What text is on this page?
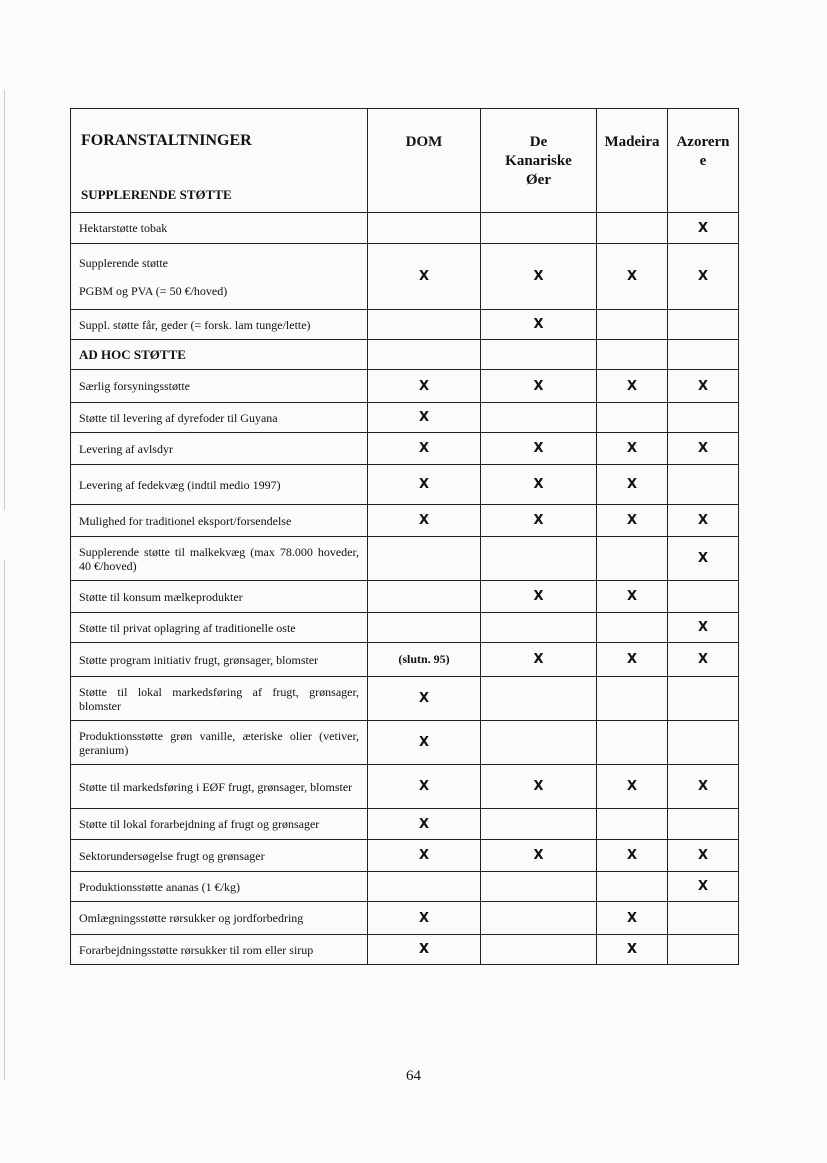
FORANSTALTNINGER
SUPPLERENDE STØTTE	DOM	De Kanariske Øer	Madeira	Azorern e
Hektarstøtte tobak				X
Supplerende støtte

PGBM og PVA (= 50 €/hoved)	X	X	X	X
Suppl. støtte får, geder (= forsk. lam tunge/lette)		X		
AD HOC STØTTE				
Særlig forsyningsstøtte	X	X	X	X
Støtte til levering af dyrefoder til Guyana	X			
Levering af avlsdyr	X	X	X	X
Levering af fedekvæg (indtil medio 1997)	X	X	X	
Mulighed for traditionel eksport/forsendelse	X	X	X	X
Supplerende støtte til malkekvæg (max 78.000 hoveder, 40 €/hoved)				X
Støtte til konsum mælkeprodukter		X	X	
Støtte til privat oplagring af traditionelle oste				X
Støtte program initiativ frugt, grønsager, blomster	(slutn. 95)	X	X	X
Støtte til lokal markedsføring af frugt, grønsager, blomster	X			
Produktionsstøtte grøn vanille, æteriske olier (vetiver, geranium)	X			
Støtte til markedsføring i EØF frugt, grønsager, blomster	X	X	X	X
Støtte til lokal forarbejdning af frugt og grønsager	X			
Sektorundersøgelse frugt og grønsager	X	X	X	X
Produktionsstøtte ananas (1 €/kg)				X
Omlægningsstøtte rørsukker og jordforbedring	X		X	
Forarbejdningsstøtte rørsukker til rom eller sirup	X		X	
64
